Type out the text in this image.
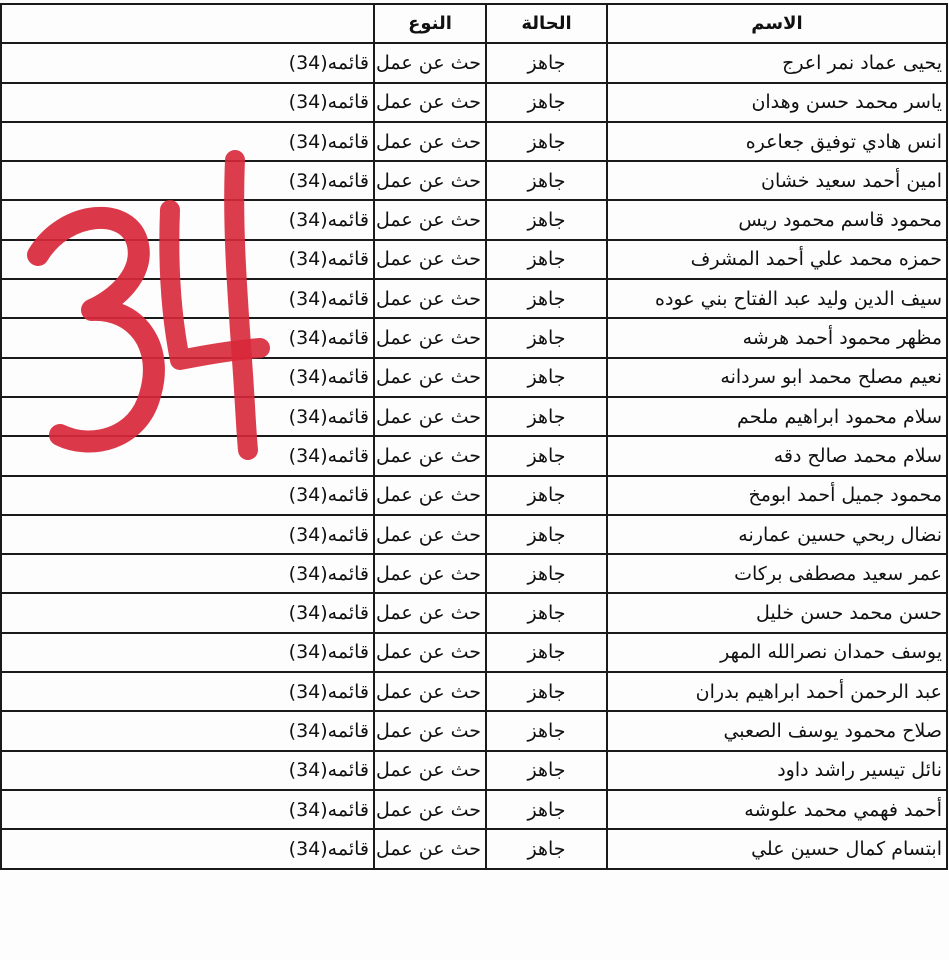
	النوع	الحالة	الاسم
قائمه(34)	حث عن عمل	جاهز	يحيى عماد نمر اعرج
قائمه(34)	حث عن عمل	جاهز	ياسر محمد حسن وهدان
قائمه(34)	حث عن عمل	جاهز	انس هادي توفيق جعاعره
قائمه(34)	حث عن عمل	جاهز	امين أحمد سعيد خشان
قائمه(34)	حث عن عمل	جاهز	محمود قاسم محمود ريس
قائمه(34)	حث عن عمل	جاهز	حمزه محمد علي أحمد المشرف
قائمه(34)	حث عن عمل	جاهز	سيف الدين وليد عبد الفتاح بني عوده
قائمه(34)	حث عن عمل	جاهز	مظهر محمود أحمد هرشه
قائمه(34)	حث عن عمل	جاهز	نعيم مصلح محمد ابو سردانه
قائمه(34)	حث عن عمل	جاهز	سلام محمود ابراهيم ملحم
قائمه(34)	حث عن عمل	جاهز	سلام محمد صالح دقه
قائمه(34)	حث عن عمل	جاهز	محمود جميل أحمد ابومخ
قائمه(34)	حث عن عمل	جاهز	نضال ربحي حسين عمارنه
قائمه(34)	حث عن عمل	جاهز	عمر سعيد مصطفى بركات
قائمه(34)	حث عن عمل	جاهز	حسن محمد حسن خليل
قائمه(34)	حث عن عمل	جاهز	يوسف حمدان نصرالله المهر
قائمه(34)	حث عن عمل	جاهز	عبد الرحمن أحمد ابراهيم بدران
قائمه(34)	حث عن عمل	جاهز	صلاح محمود يوسف الصعبي
قائمه(34)	حث عن عمل	جاهز	نائل تيسير راشد داود
قائمه(34)	حث عن عمل	جاهز	أحمد فهمي محمد علوشه
قائمه(34)	حث عن عمل	جاهز	ابتسام كمال حسين علي
